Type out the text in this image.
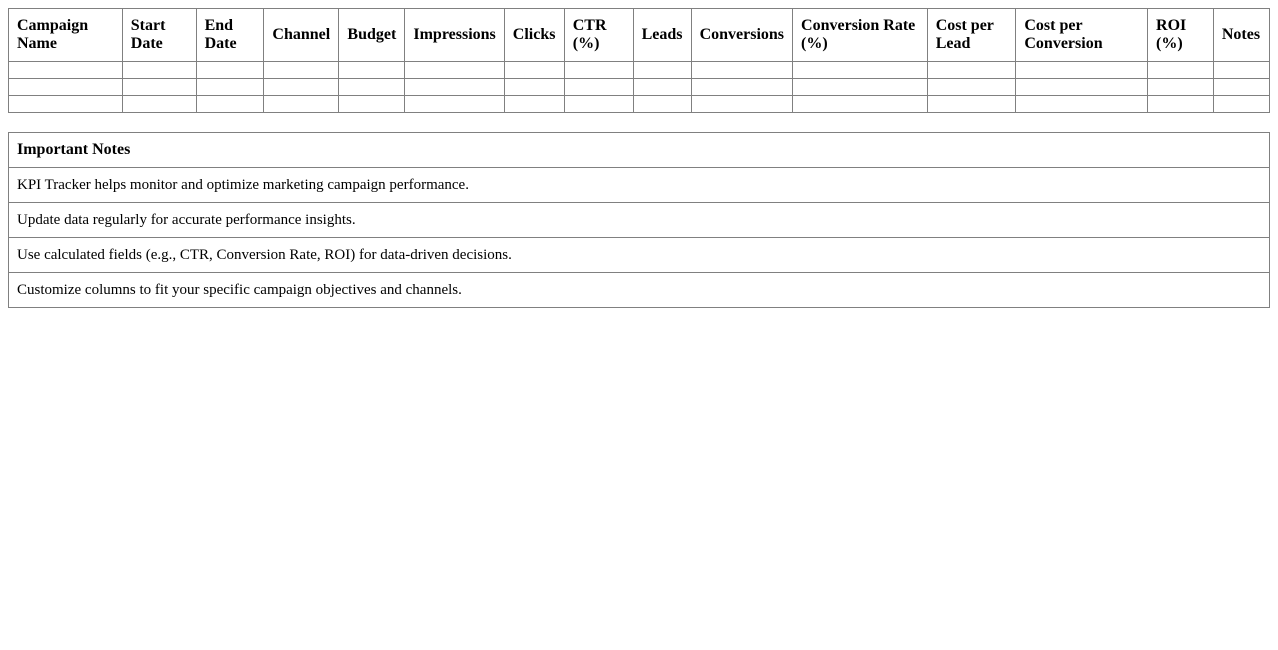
Campaign Name	Start Date	End Date	Channel	Budget	Impressions	Clicks	CTR (%)	Leads	Conversions	Conversion Rate (%)	Cost per Lead	Cost per Conversion	ROI (%)	Notes

Important Notes
KPI Tracker helps monitor and optimize marketing campaign performance.
Update data regularly for accurate performance insights.
Use calculated fields (e.g., CTR, Conversion Rate, ROI) for data-driven decisions.
Customize columns to fit your specific campaign objectives and channels.
